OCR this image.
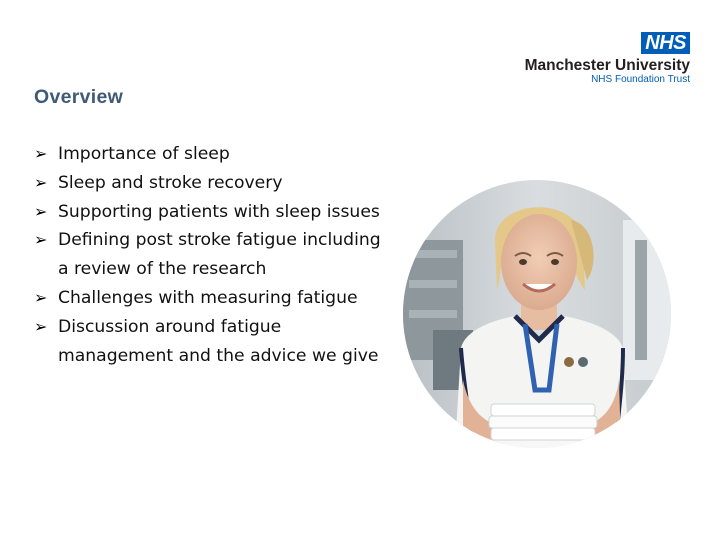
NHS
Manchester University
NHS Foundation Trust
Overview
➢ Importance of sleep
➢ Sleep and stroke recovery
➢ Supporting patients with sleep issues
➢ Defining post stroke fatigue including a review of the research
➢ Challenges with measuring fatigue
➢ Discussion around fatigue management and the advice we give
